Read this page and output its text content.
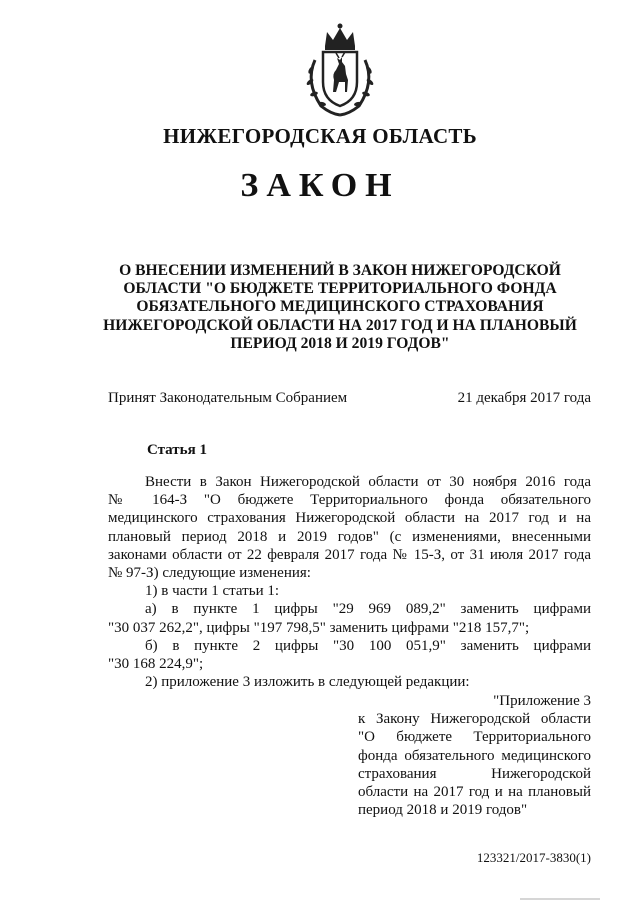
НИЖЕГОРОДСКАЯ ОБЛАСТЬ
ЗАКОН
О ВНЕСЕНИИ ИЗМЕНЕНИЙ В ЗАКОН НИЖЕГОРОДСКОЙ
ОБЛАСТИ "О БЮДЖЕТЕ ТЕРРИТОРИАЛЬНОГО ФОНДА
ОБЯЗАТЕЛЬНОГО МЕДИЦИНСКОГО СТРАХОВАНИЯ
НИЖЕГОРОДСКОЙ ОБЛАСТИ НА 2017 ГОД И НА ПЛАНОВЫЙ
ПЕРИОД 2018 И 2019 ГОДОВ"
Принят Законодательным Собранием	21 декабря 2017 года
Статья 1

Внести в Закон Нижегородской области от 30 ноября 2016 года

№ 164-З "О бюджете Территориального фонда обязательного

медицинского страхования Нижегородской области на 2017 год и на

плановый период 2018 и 2019 годов" (с изменениями, внесенными

законами области от 22 февраля 2017 года № 15-З, от 31 июля 2017 года

№ 97-З) следующие изменения:

1) в части 1 статьи 1:

а) в пункте 1 цифры "29 969 089,2" заменить цифрами

"30 037 262,2", цифры "197 798,5" заменить цифрами "218 157,7";

б) в пункте 2 цифры "30 100 051,9" заменить цифрами

"30 168 224,9";

2) приложение 3 изложить в следующей редакции:

"Приложение 3

к Закону Нижегородской области

"О бюджете Территориального

фонда обязательного медицинского

страхования Нижегородской

области на 2017 год и на плановый

период 2018 и 2019 годов"

123321/2017-3830(1)
